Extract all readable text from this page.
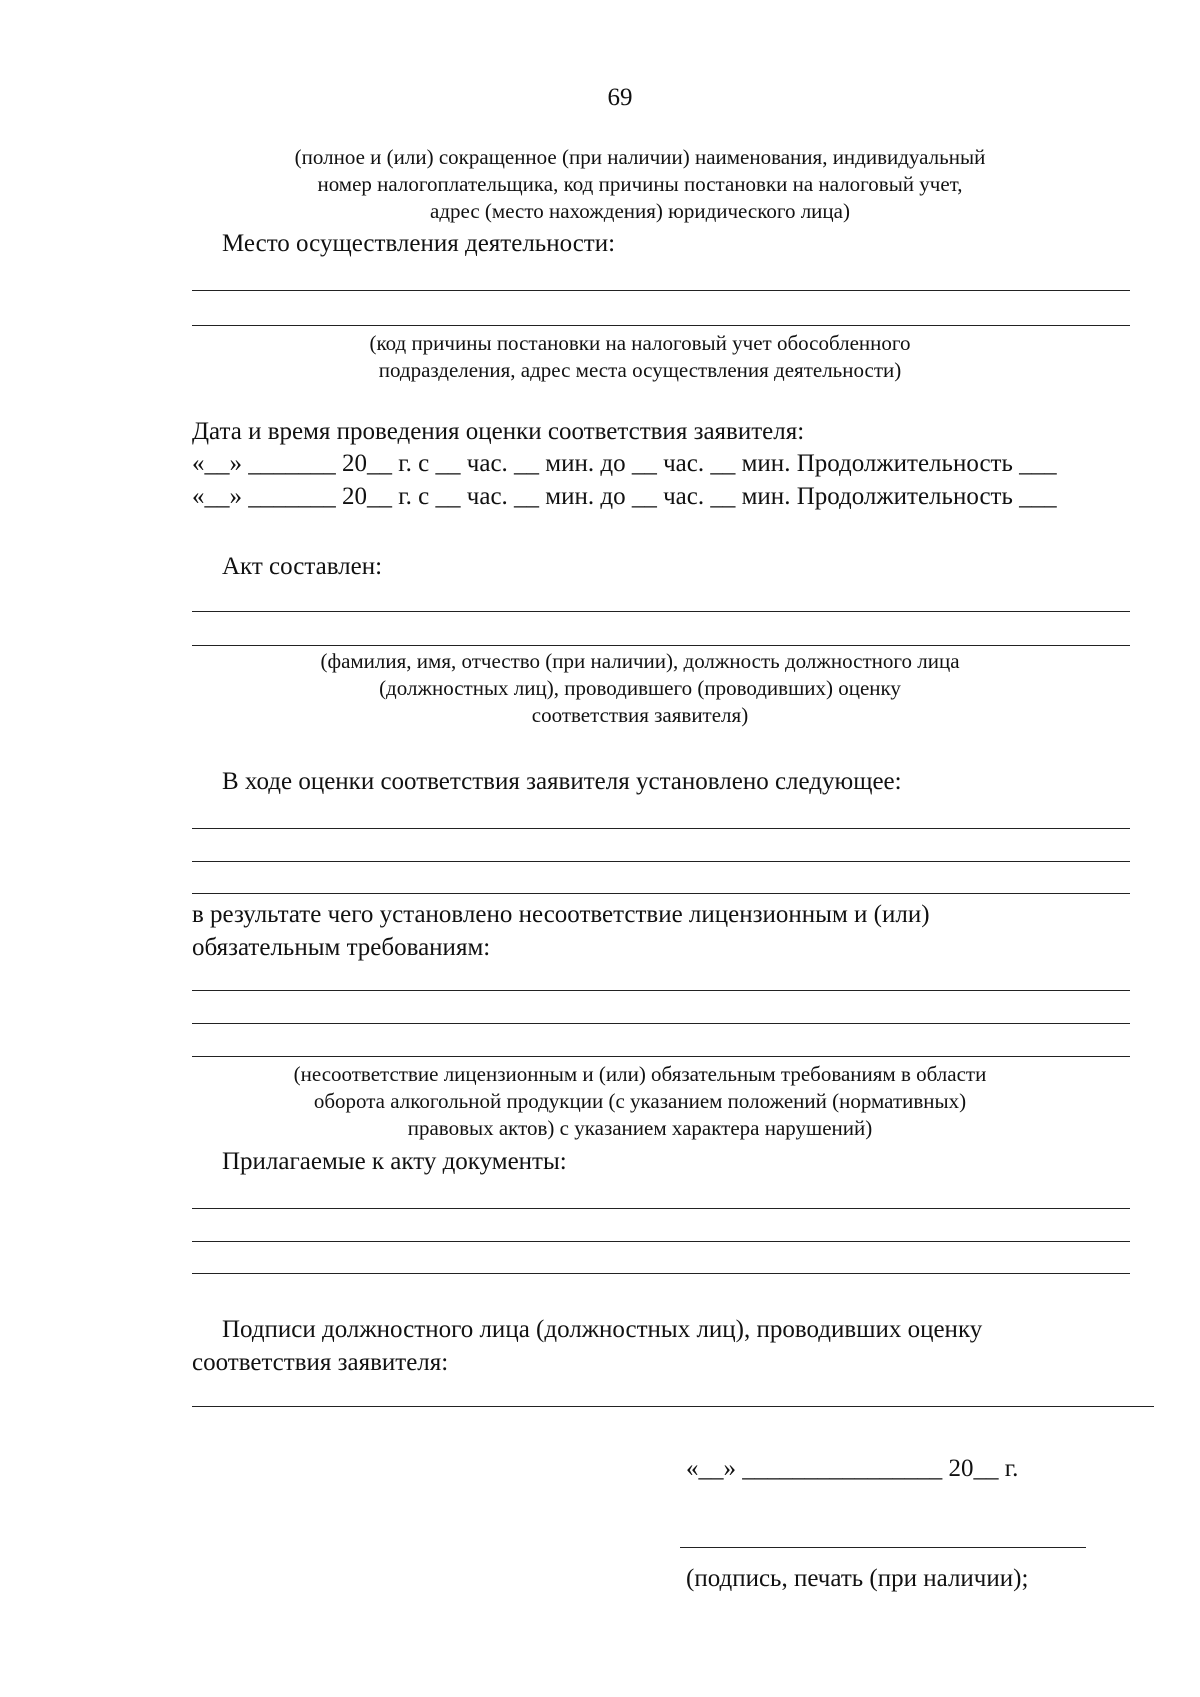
69
(полное и (или) сокращенное (при наличии) наименования, индивидуальный
номер налогоплательщика, код причины постановки на налоговый учет,
адрес (место нахождения) юридического лица)
Место осуществления деятельности:
(код причины постановки на налоговый учет обособленного
подразделения, адрес места осуществления деятельности)
Дата и время проведения оценки соответствия заявителя:
«__» _______ 20__ г. с __ час. __ мин. до __ час. __ мин. Продолжительность ___
«__» _______ 20__ г. с __ час. __ мин. до __ час. __ мин. Продолжительность ___
Акт составлен:
(фамилия, имя, отчество (при наличии), должность должностного лица
(должностных лиц), проводившего (проводивших) оценку
соответствия заявителя)
В ходе оценки соответствия заявителя установлено следующее:
в результате чего установлено несоответствие лицензионным и (или)
обязательным требованиям:
(несоответствие лицензионным и (или) обязательным требованиям в области
оборота алкогольной продукции (с указанием положений (нормативных)
правовых актов) с указанием характера нарушений)
Прилагаемые к акту документы:
Подписи должностного лица (должностных лиц), проводивших оценку
соответствия заявителя:
«__» ________________ 20__ г.
(подпись, печать (при наличии);
